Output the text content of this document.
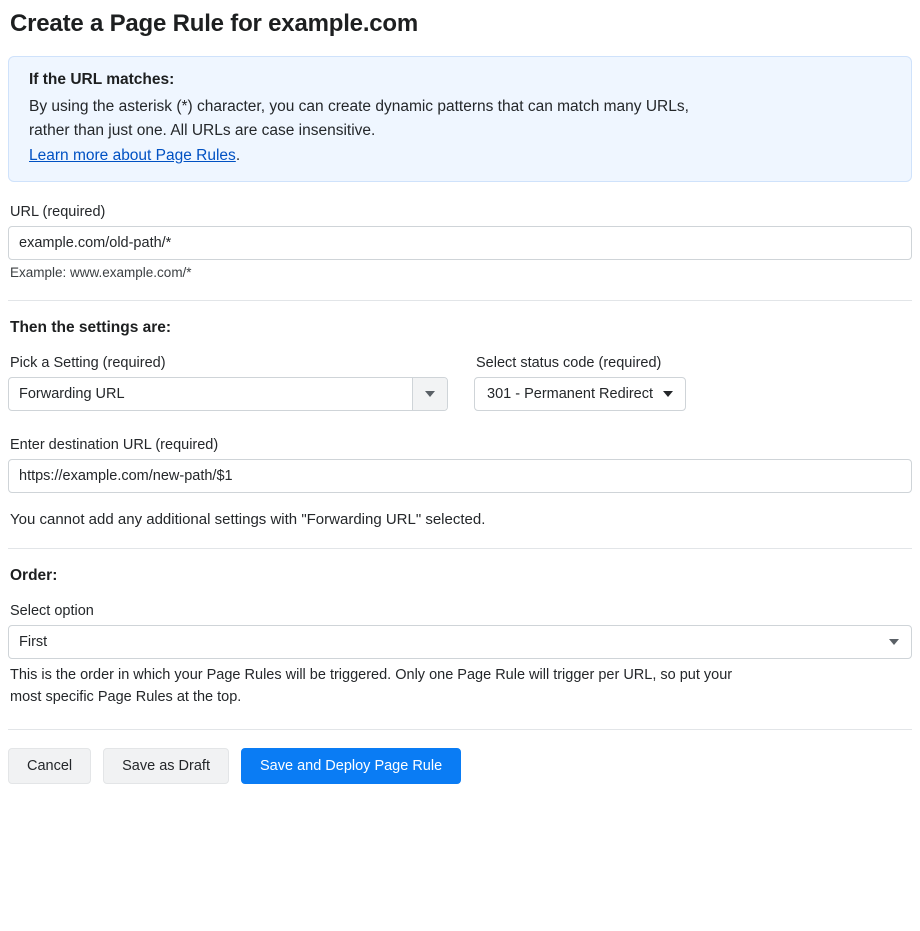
Create a Page Rule for example.com
If the URL matches:
By using the asterisk (*) character, you can create dynamic patterns that can match many URLs,
rather than just one. All URLs are case insensitive.
Learn more about Page Rules.
URL (required)
example.com/old-path/*
Example: www.example.com/*
Then the settings are:
Pick a Setting (required)
Forwarding URL
Select status code (required)
301 - Permanent Redirect
Enter destination URL (required)
https://example.com/new-path/$1
You cannot add any additional settings with "Forwarding URL" selected.
Order:
Select option
First
This is the order in which your Page Rules will be triggered. Only one Page Rule will trigger per URL, so put your
most specific Page Rules at the top.
Cancel	Save as Draft	Save and Deploy Page Rule
